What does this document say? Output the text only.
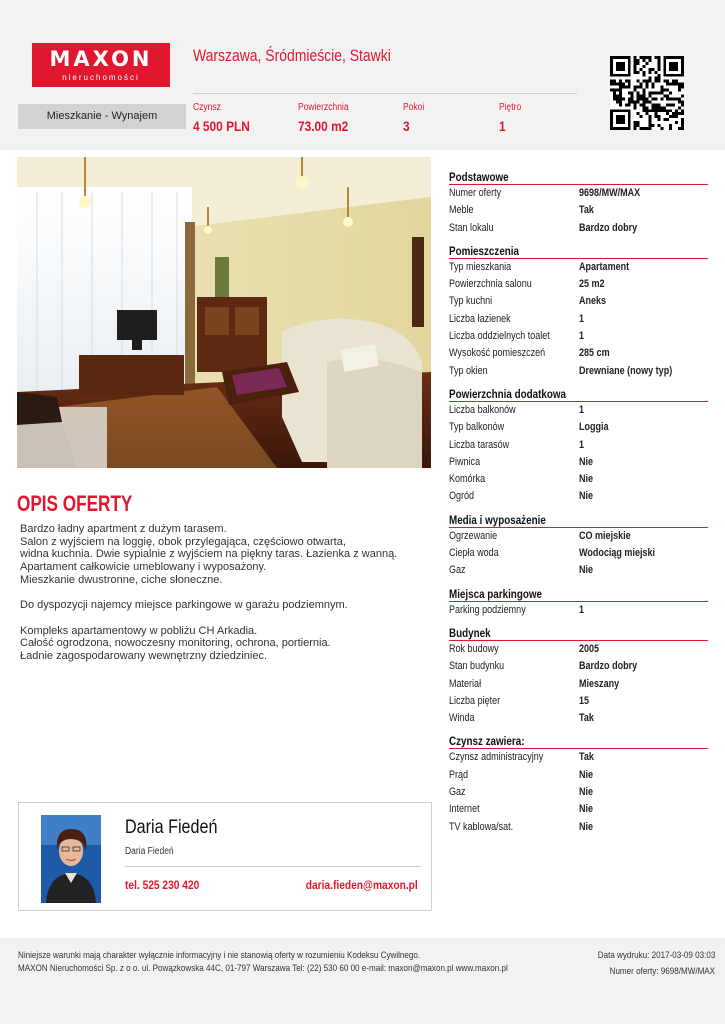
MAXON
nieruchomości
Mieszkanie - Wynajem
Warszawa, Śródmieście, Stawki
Czynsz
4 500 PLN
Powierzchnia
73.00 m2
Pokoi
3
Piętro
1
OPIS OFERTY

Bardzo ładny apartment z dużym tarasem.
Salon z wyjściem na loggię, obok przylegająca, częściowo otwarta,
widna kuchnia. Dwie sypialnie z wyjściem na piękny taras. Łazienka z wanną.
Apartament całkowicie umeblowany i wyposażony.
Mieszkanie dwustronne, ciche słoneczne.

Do dyspozycji najemcy miejsce parkingowe w garażu podziemnym.

Kompleks apartamentowy w pobliżu CH Arkadia.
Całość ogrodzona, nowoczesny monitoring, ochrona, portiernia.
Ładnie zagospodarowany wewnętrzny dziedziniec.

Podstawowe
Numer oferty	9698/MW/MAX
Meble	Tak
Stan lokalu	Bardzo dobry
Pomieszczenia
Typ mieszkania	Apartament
Powierzchnia salonu	25 m2
Typ kuchni	Aneks
Liczba łazienek	1
Liczba oddzielnych toalet	1
Wysokość pomieszczeń	285 cm
Typ okien	Drewniane (nowy typ)
Powierzchnia dodatkowa
Liczba balkonów	1
Typ balkonów	Loggia
Liczba tarasów	1
Piwnica	Nie
Komórka	Nie
Ogród	Nie
Media i wyposażenie
Ogrzewanie	CO miejskie
Ciepła woda	Wodociąg miejski
Gaz	Nie
Miejsca parkingowe
Parking podziemny	1
Budynek
Rok budowy	2005
Stan budynku	Bardzo dobry
Materiał	Mieszany
Liczba pięter	15
Winda	Tak
Czynsz zawiera:
Czynsz administracyjny	Tak
Prąd	Nie
Gaz	Nie
Internet	Nie
TV kablowa/sat.	Nie
Daria Fiedeń
Daria Fiedeń
tel. 525 230 420	daria.fieden@maxon.pl
Niniejsze warunki mają charakter wyłącznie informacyjny i nie stanowią oferty w rozumieniu Kodeksu Cywilnego.
MAXON Nieruchomości Sp. z o o. ul. Powązkowska 44C, 01-797 Warszawa Tel: (22) 530 60 00 e-mail: maxon@maxon.pl www.maxon.pl
Data wydruku: 2017-03-09 03:03
Numer oferty: 9698/MW/MAX
